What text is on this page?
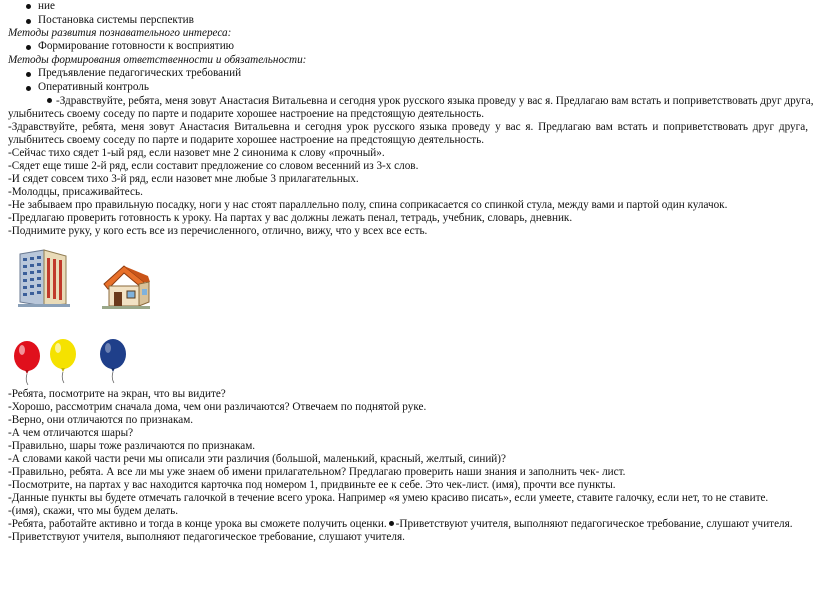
ние
Постановка системы перспектив
Методы развития познавательного интереса:
Формирование готовности к восприятию
Методы формирования ответственности и обязательности:
Предъявление педагогических требований
Оперативный контроль
-Здравствуйте, ребята, меня зовут Анастасия Витальевна и сегодня урок русского языка проведу у вас я. Предлагаю вам встать и поприветствовать друг друга,
улыбнитесь своему соседу по парте и подарите хорошее настроение на предстоящую деятельность.
-Здравствуйте, ребята, меня зовут Анастасия Витальевна и сегодня урок русского языка проведу у вас я. Предлагаю вам встать и поприветствовать друг друга,
улыбнитесь своему соседу по парте и подарите хорошее настроение на предстоящую деятельность.
-Сейчас тихо сядет 1-ый ряд, если назовет мне 2 синонима к слову «прочный».
-Сядет еще тише 2-й ряд, если составит предложение со словом весенний из 3-х слов.
-И сядет совсем тихо 3-й ряд, если назовет мне любые 3 прилагательных.
-Молодцы, присаживайтесь.
-Не забываем про правильную посадку, ноги у нас стоят параллельно полу, спина соприкасается со спинкой стула, между вами и партой один кулачок.
-Предлагаю проверить готовность к уроку. На партах у вас должны лежать пенал, тетрадь, учебник, словарь, дневник.
-Поднимите руку, у кого есть все из перечисленного, отлично, вижу, что у всех все есть.
-Ребята, посмотрите на экран, что вы видите?
-Хорошо, рассмотрим сначала дома, чем они различаются? Отвечаем по поднятой руке.
-Верно, они отличаются по признакам.
-А чем отличаются шары?
-Правильно, шары тоже различаются по признакам.
-А словами какой части речи мы описали эти различия (большой, маленький, красный, желтый, синий)?
-Правильно, ребята. А все ли мы уже знаем об имени прилагательном? Предлагаю проверить наши знания и заполнить чек- лист.
-Посмотрите, на партах у вас находится карточка под номером 1, придвиньте ее к себе. Это чек-лист. (имя), прочти все пункты.
-Данные пункты вы будете отмечать галочкой в течение всего урока. Например «я умею красиво писать», если умеете, ставите галочку, если нет, то не ставите.
-(имя), скажи, что мы будем делать.
-Ребята, работайте активно и тогда в конце урока вы сможете получить оценки. -Приветствуют учителя, выполняют педагогическое требование, слушают учителя.
-Приветствуют учителя, выполняют педагогическое требование, слушают учителя.
